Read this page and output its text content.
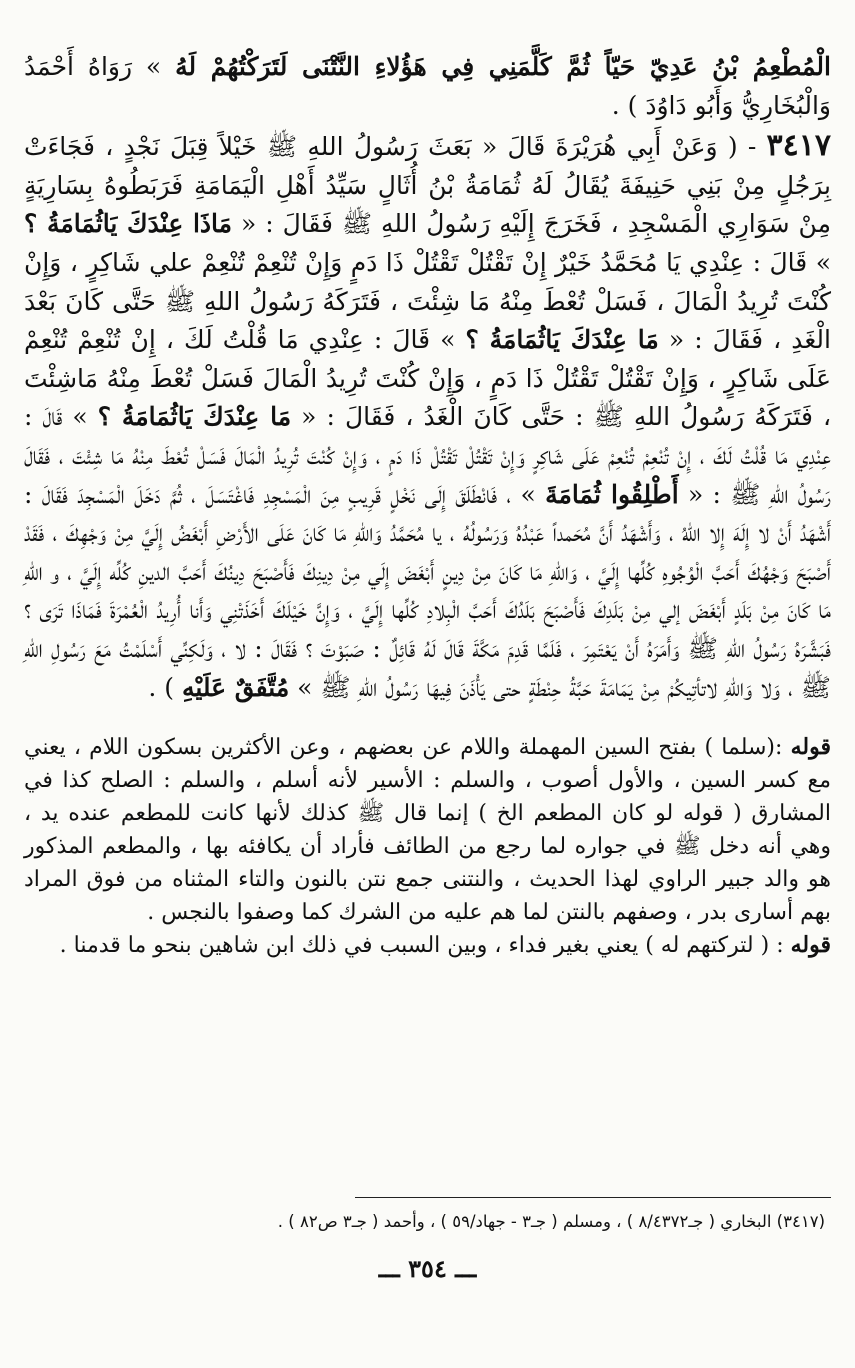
الْمُطْعِمُ بْنُ عَدِيّ حَيّاً ثُمَّ كَلَّمَنِي فِي هَؤُلاءِ النَّتْنَى لَتَرَكْتُهُمْ لَهُ » رَوَاهُ أَحْمَدُ وَالْبُخَارِيُّ وَأَبُو دَاوُدَ ) .

٣٤١٧ - ( وَعَنْ أَبِي هُرَيْرَةَ قَالَ « بَعَثَ رَسُولُ اللهِ ﷺ خَيْلاً قِبَلَ نَجْدٍ ، فَجَاءَتْ بِرَجُلٍ مِنْ بَنِي حَنِيفَةَ يُقَالُ لَهُ ثُمَامَةُ بْنُ أُثَالٍ سَيِّدُ أَهْلِ الْيَمَامَةِ فَرَبَطُوهُ بِسَارِيَةٍ مِنْ سَوَارِي الْمَسْجِدِ ، فَخَرَجَ إِلَيْهِ رَسُولُ اللهِ ﷺ فَقَالَ : « مَاذَا عِنْدَكَ يَاثُمَامَةُ ؟ » قَالَ : عِنْدِي يَا مُحَمَّدُ خَيْرٌ إِنْ تَقْتُلْ تَقْتُلْ ذَا دَمٍ وَإِنْ تُنْعِمْ تُنْعِمْ علي شَاكِرٍ ، وَإِنْ كُنْتَ تُرِيدُ الْمَالَ ، فَسَلْ تُعْطَ مِنْهُ مَا شِئْتَ ، فَتَرَكَهُ رَسُولُ اللهِ ﷺ حَتَّى كَانَ بَعْدَ الْغَدِ ، فَقَالَ : « مَا عِنْدَكَ يَاثُمَامَةُ ؟ » قَالَ : عِنْدِي مَا قُلْتُ لَكَ ، إِنْ تُنْعِمْ تُنْعِمْ عَلَى شَاكِرٍ ، وَإِنْ تَقْتُلْ تَقْتُلْ ذَا دَمٍ ، وَإِنْ كُنْتَ تُرِيدُ الْمَالَ فَسَلْ تُعْطَ مِنْهُ مَاشِئْتَ ، فَتَرَكَهُ رَسُولُ اللهِ ﷺ : حَتَّى كَانَ الْغَدُ ، فَقَالَ : « مَا عِنْدَكَ يَاثُمَامَةُ ؟ » قَالَ : عِنْدِي مَا قُلْتُ لَكَ ، إِنْ تُنْعِمْ تُنْعِمْ عَلَى شَاكِرٍ وَإِنْ تَقْتُلْ تَقْتُلْ ذَا دَمٍ ، وَإِنْ كُنْتَ تُرِيدُ الْمَالَ فَسَلْ تُعْطَ مِنْهُ مَا شِئْتَ ، فَقَالَ رَسُولُ اللهِ ﷺ : « أَطْلِقُوا ثُمَامَةَ » ، فَانْطَلَقَ إِلَى نَخْلٍ قَرِيبٍ مِنَ الْمَسْجِدِ فَاغْتَسَلَ ، ثُمَّ دَخَلَ الْمَسْجِدَ فَقَالَ : أَشْهَدُ أَنْ لا إِلَهَ إِلا اللهُ ، وَأَشْهَدُ أَنَّ مُحَمداً عَبْدُهُ وَرَسُولُهُ ، يا مُحَمَّدُ وَاللهِ مَا كَانَ عَلَى الأَرْضِ أَبْغَضُ إِلَيَّ مِنْ وَجْهِكَ ، فَقَدْ أَصْبَحَ وَجْهُكَ أَحَبَّ الْوُجُوهِ كُلِّها إِلَيَّ ، وَاللهِ مَا كَانَ مِنْ دِينٍ أَبْغَضَ إِلَي مِنْ دِينِكَ فَأَصْبَحَ دِينُكَ أَحَبَّ الدينِ كُلِّه إِلَيَّ ، و اللهِ مَا كَانَ مِنْ بَلَدٍ أَبْغَضَ إلي مِنْ بَلَدِكَ فَأَصْبَحَ بَلَدُكَ أَحَبَّ الْبِلادِ كُلِّها إِلَيَّ ، وَإِنَّ خَيْلَكَ أَخَذَتْنِي وَأَنا أُرِيدُ الْعُمْرَةَ فَمَاذَا تَرَى ؟ فَبَشَّرَهُ رَسُولُ اللهِ ﷺ وَأَمَرَهُ أَنْ يَعْتَمِرَ ، فَلَمَّا قَدِمَ مَكَّةَ قَالَ لَهُ قَائِلٌ : صَبَوْتَ ؟ فَقَالَ : لا ، وَلَكِنِّي أَسْلَمْتُ مَعَ رَسُولِ اللهِ ﷺ ، وَلا وَاللهِ لاتأتِيكُمْ مِنْ يَمَامَةَ حَبَّةُ حِنْطَةٍ حتى يَأْذَنَ فِيهَا رَسُولُ اللهِ ﷺ » مُتَّفَقٌ عَلَيْهِ ) .

قوله :(سلما ) بفتح السين المهملة واللام عن بعضهم ، وعن الأكثرين بسكون اللام ، يعني مع كسر السين ، والأول أصوب ، والسلم : الأسير لأنه أسلم ، والسلم : الصلح كذا في المشارق ( قوله لو كان المطعم الخ ) إنما قال ﷺ كذلك لأنها كانت للمطعم عنده يد ، وهي أنه دخل ﷺ في جواره لما رجع من الطائف فأراد أن يكافئه بها ، والمطعم المذكور هو والد جبير الراوي لهذا الحديث ، والنتنى جمع نتن بالنون والتاء المثناه من فوق المراد بهم أسارى بدر ، وصفهم بالنتن لما هم عليه من الشرك كما وصفوا بالنجس .
قوله : ( لتركتهم له ) يعني بغير فداء ، وبين السبب في ذلك ابن شاهين بنحو ما قدمنا .

(٣٤١٧) البخاري ( جـ٨/٤٣٧٢ ) ، ومسلم ( جـ٣ - جهاد/٥٩ ) ، وأحمد ( جـ٣ ص٨٢ ) .
ـــ ٣٥٤ ـــ
